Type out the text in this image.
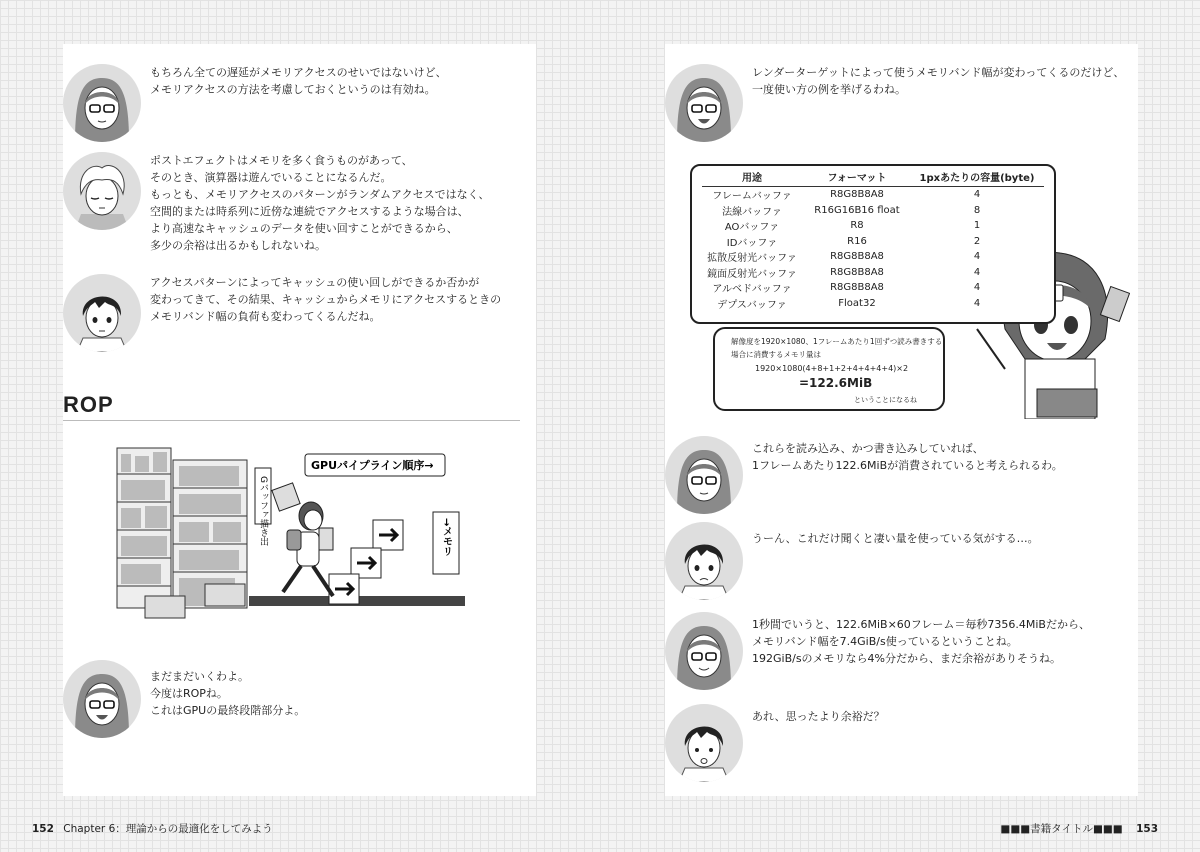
もちろん全ての遅延がメモリアクセスのせいではないけど、
メモリアクセスの方法を考慮しておくというのは有効ね。
ポストエフェクトはメモリを多く食うものがあって、
そのとき、演算器は遊んでいることになるんだ。
もっとも、メモリアクセスのパターンがランダムアクセスではなく、
空間的または時系列に近傍な連続でアクセスするような場合は、
より高速なキャッシュのデータを使い回すことができるから、
多少の余裕は出るかもしれないね。
アクセスパターンによってキャッシュの使い回しができるか否かが
変わってきて、その結果、キャッシュからメモリにアクセスするときの
メモリバンド幅の負荷も変わってくるんだね。
ROP
Gバッファ描き出
GPUパイプライン順序→
→メモリ
まだまだいくわよ。
今度はROPね。
これはGPUの最終段階部分よ。
レンダーターゲットによって使うメモリバンド幅が変わってくるのだけど、
一度使い方の例を挙げるわね。
用途	フォーマット	1pxあたりの容量(byte)
フレームバッファ	R8G8B8A8	4
法線バッファ	R16G16B16 float	8
AOバッファ	R8	1
IDバッファ	R16	2
拡散反射光バッファ	R8G8B8A8	4
鏡面反射光バッファ	R8G8B8A8	4
アルベドバッファ	R8G8B8A8	4
デプスバッファ	Float32	4
解像度を1920×1080、1フレームあたり1回ずつ読み書きする
場合に消費するメモリ量は
1920×1080(4+8+1+2+4+4+4+4)×2
=122.6MiB
ということになるね
これらを読み込み、かつ書き込みしていれば、
1フレームあたり122.6MiBが消費されていると考えられるわ。
うーん、これだけ聞くと凄い量を使っている気がする…。
1秒間でいうと、122.6MiB×60フレーム＝毎秒7356.4MiBだから、
メモリバンド幅を7.4GiB/s使っているということね。
192GiB/sのメモリなら4%分だから、まだ余裕がありそうね。
あれ、思ったより余裕だ？
152 Chapter 6：理論からの最適化をしてみよう	■■■書籍タイトル■■■ 153
